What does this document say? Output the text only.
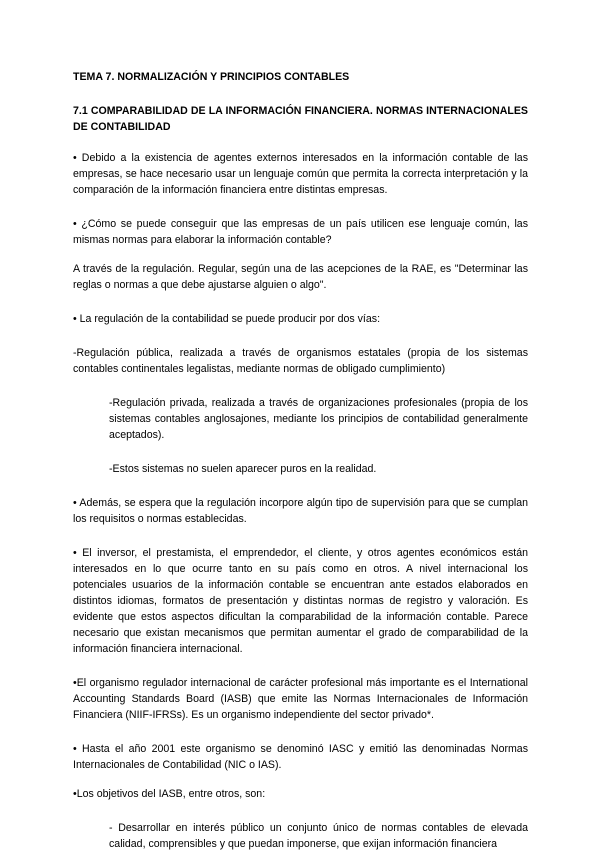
TEMA 7. NORMALIZACIÓN Y PRINCIPIOS CONTABLES
7.1 COMPARABILIDAD DE LA INFORMACIÓN FINANCIERA. NORMAS INTERNACIONALES DE CONTABILIDAD

• Debido a la existencia de agentes externos interesados en la información contable de las empresas, se hace necesario usar un lenguaje común que permita la correcta interpretación y la comparación de la información financiera entre distintas empresas.

• ¿Cómo se puede conseguir que las empresas de un país utilicen ese lenguaje común, las mismas normas para elaborar la información contable?

A través de la regulación. Regular, según una de las acepciones de la RAE, es "Determinar las reglas o normas a que debe ajustarse alguien o algo".

• La regulación de la contabilidad se puede producir por dos vías:

-Regulación pública, realizada a través de organismos estatales (propia de los sistemas contables continentales legalistas, mediante normas de obligado cumplimiento)

-Regulación privada, realizada a través de organizaciones profesionales (propia de los sistemas contables anglosajones, mediante los principios de contabilidad generalmente aceptados).

-Estos sistemas no suelen aparecer puros en la realidad.

• Además, se espera que la regulación incorpore algún tipo de supervisión para que se cumplan los requisitos o normas establecidas.

• El inversor, el prestamista, el emprendedor, el cliente, y otros agentes económicos están interesados en lo que ocurre tanto en su país como en otros. A nivel internacional los potenciales usuarios de la información contable se encuentran ante estados elaborados en distintos idiomas, formatos de presentación y distintas normas de registro y valoración. Es evidente que estos aspectos dificultan la comparabilidad de la información contable. Parece necesario que existan mecanismos que permitan aumentar el grado de comparabilidad de la información financiera internacional.

•El organismo regulador internacional de carácter profesional más importante es el International Accounting Standards Board (IASB) que emite las Normas Internacionales de Información Financiera (NIIF-IFRSs). Es un organismo independiente del sector privado*.

• Hasta el año 2001 este organismo se denominó IASC y emitió las denominadas Normas Internacionales de Contabilidad (NIC o IAS).

•Los objetivos del IASB, entre otros, son:

- Desarrollar en interés público un conjunto único de normas contables de elevada calidad, comprensibles y que puedan imponerse, que exijan información financiera
